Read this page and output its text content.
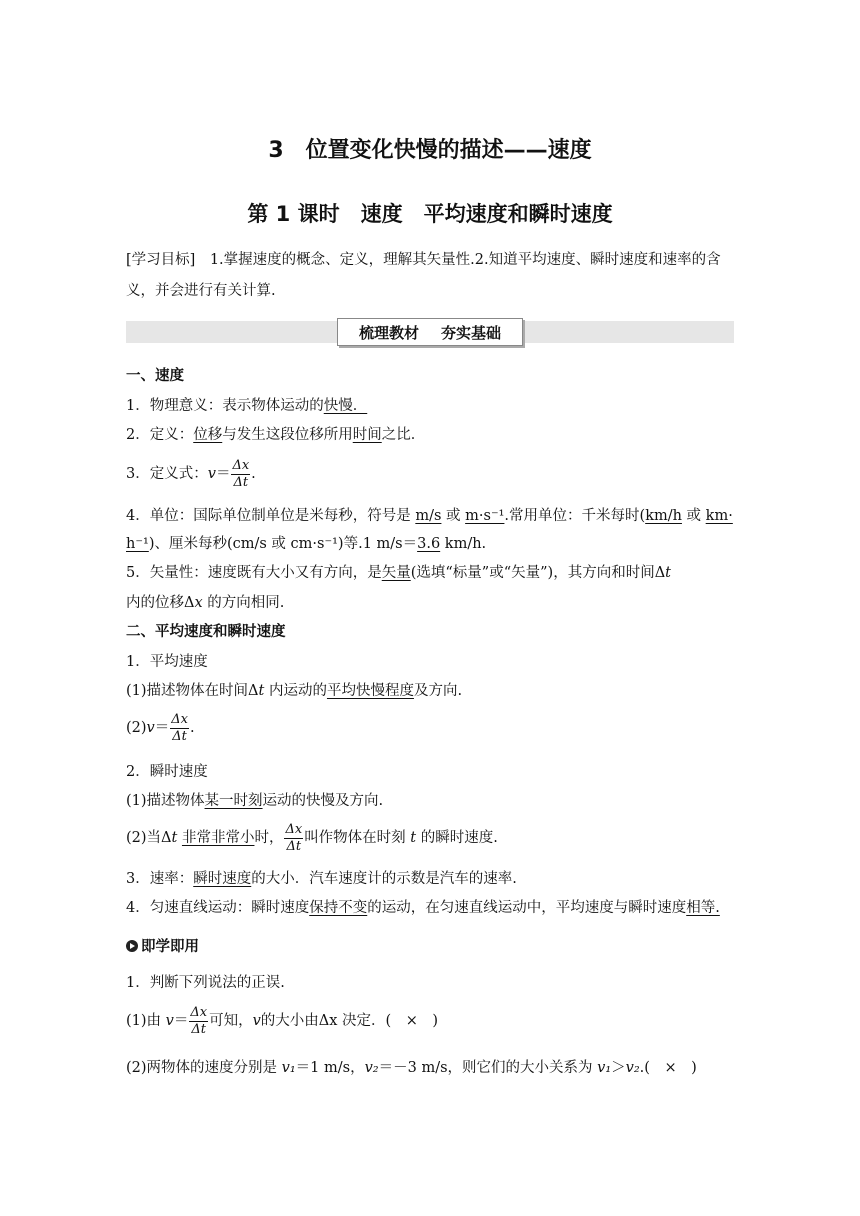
3　位置变化快慢的描述——速度
第 1 课时　速度　平均速度和瞬时速度
[学习目标]　1.掌握速度的概念、定义，理解其矢量性.2.知道平均速度、瞬时速度和速率的含
义，并会进行有关计算.
梳理教材 夯实基础
一、速度
1．物理意义：表示物体运动的快慢．
2．定义：位移与发生这段位移所用时间之比．
3．定义式：$v= \frac{\Delta x}{\Delta t}$ .
4．单位：国际单位制单位是米每秒，符号是 m/s 或 m·s⁻¹.常用单位：千米每时(km/h 或 km·
h⁻¹)、厘米每秒(cm/s 或 cm·s⁻¹)等.1 m/s＝3.6 km/h.
5．矢量性：速度既有大小又有方向，是矢量(选填“标量”或“矢量”)，其方向和时间Δt
内的位移Δx 的方向相同.
二、平均速度和瞬时速度
1．平均速度
(1)描述物体在时间Δt 内运动的平均快慢程度及方向.
$(2)v= \frac{\Delta x}{\Delta t}$ .
2．瞬时速度
(1)描述物体某一时刻运动的快慢及方向.
(2)当Δt 非常非常小时， $\frac{\Delta x}{\Delta t}$ 叫作物体在时刻 t 的瞬时速度.
3．速率：瞬时速度的大小．汽车速度计的示数是汽车的速率.
4．匀速直线运动：瞬时速度保持不变的运动，在匀速直线运动中，平均速度与瞬时速度相等.
即学即用
1．判断下列说法的正误.
(1)由 $v= \frac{\Delta x}{\Delta t}$ 可知，v的大小由Δx 决定．(　×　)
(2)两物体的速度分别是 v₁＝1 m/s，v₂＝－3 m/s，则它们的大小关系为 v₁＞v₂.(　×　)
